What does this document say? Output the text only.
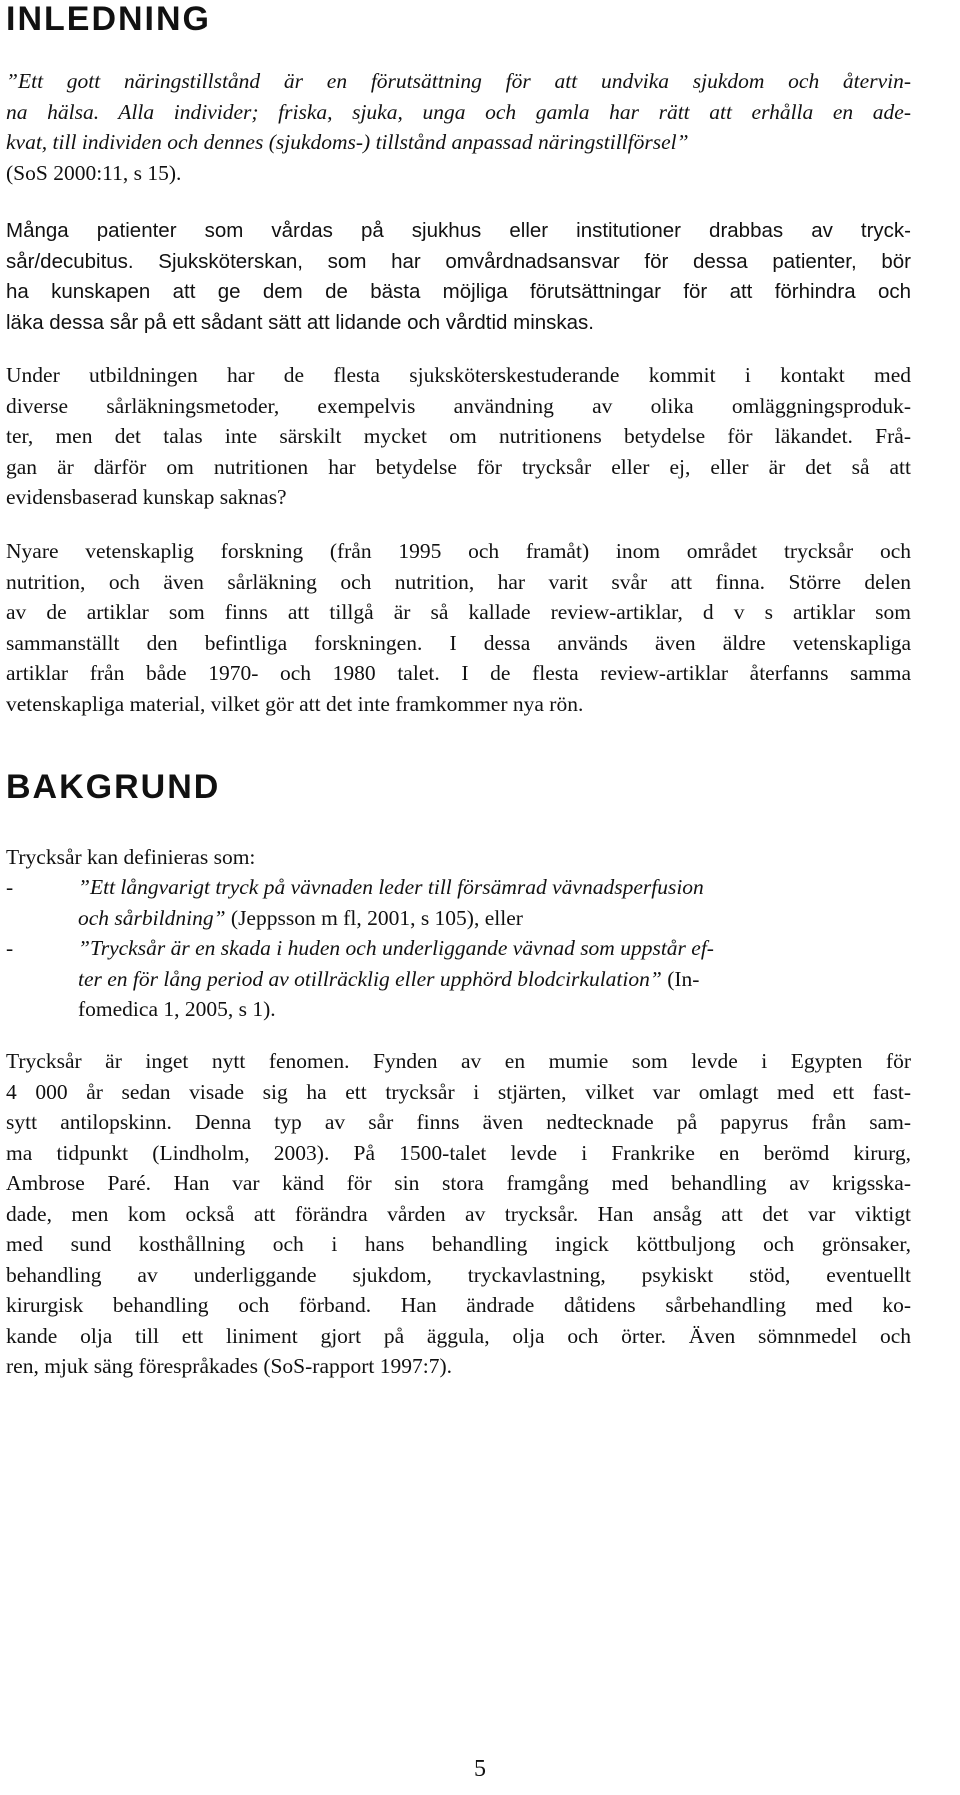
INLEDNING

”Ett gott näringstillstånd är en förutsättning för att undvika sjukdom och återvin-
na hälsa. Alla individer; friska, sjuka, unga och gamla har rätt att erhålla en ade-
kvat, till individen och dennes (sjukdoms-) tillstånd anpassad näringstillförsel”
(SoS 2000:11, s 15).

Många patienter som vårdas på sjukhus eller institutioner drabbas av tryck-
sår/decubitus. Sjuksköterskan, som har omvårdnadsansvar för dessa patienter, bör
ha kunskapen att ge dem de bästa möjliga förutsättningar för att förhindra och
läka dessa sår på ett sådant sätt att lidande och vårdtid minskas.

Under utbildningen har de flesta sjuksköterskestuderande kommit i kontakt med
diverse sårläkningsmetoder, exempelvis användning av olika omläggningsproduk-
ter, men det talas inte särskilt mycket om nutritionens betydelse för läkandet. Frå-
gan är därför om nutritionen har betydelse för trycksår eller ej, eller är det så att
evidensbaserad kunskap saknas?

Nyare vetenskaplig forskning (från 1995 och framåt) inom området trycksår och
nutrition, och även sårläkning och nutrition, har varit svår att finna. Större delen
av de artiklar som finns att tillgå är så kallade review-artiklar, d v s artiklar som
sammanställt den befintliga forskningen. I dessa används även äldre vetenskapliga
artiklar från både 1970- och 1980 talet. I de flesta review-artiklar återfanns samma
vetenskapliga material, vilket gör att det inte framkommer nya rön.

BAKGRUND

Trycksår kan definieras som:

-	”Ett långvarigt tryck på vävnaden leder till försämrad vävnadsperfusion
och sårbildning” (Jeppsson m fl, 2001, s 105), eller
-	”Trycksår är en skada i huden och underliggande vävnad som uppstår ef-
ter en för lång period av otillräcklig eller upphörd blodcirkulation” (In-
fomedica 1, 2005, s 1).

Trycksår är inget nytt fenomen. Fynden av en mumie som levde i Egypten för
4 000 år sedan visade sig ha ett trycksår i stjärten, vilket var omlagt med ett fast-
sytt antilopskinn. Denna typ av sår finns även nedtecknade på papyrus från sam-
ma tidpunkt (Lindholm, 2003). På 1500-talet levde i Frankrike en berömd kirurg,
Ambrose Paré. Han var känd för sin stora framgång med behandling av krigsska-
dade, men kom också att förändra vården av trycksår. Han ansåg att det var viktigt
med sund kosthållning och i hans behandling ingick köttbuljong och grönsaker,
behandling av underliggande sjukdom, tryckavlastning, psykiskt stöd, eventuellt
kirurgisk behandling och förband. Han ändrade dåtidens sårbehandling med ko-
kande olja till ett liniment gjort på äggula, olja och örter. Även sömnmedel och
ren, mjuk säng förespråkades (SoS-rapport 1997:7).

5
